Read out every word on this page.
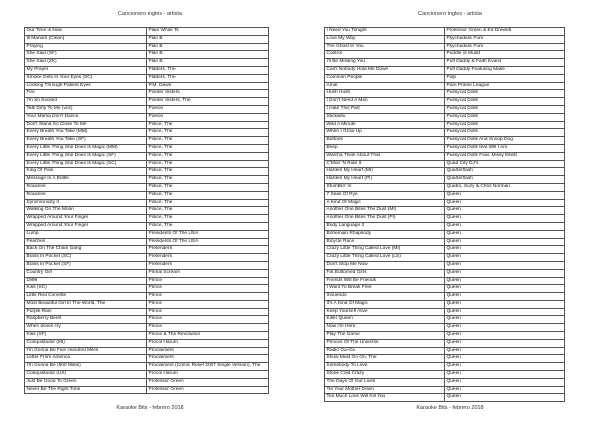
Cancionero ingles - artista
Our Time is Now	Plain White Ts
Ill Manors (Clean)	Plan B
Praying	Plan B
She Said (SF)	Plan B
She Said (ZK)	Plan B
My Prayer	Platters, The
Smoke Gets In Your Eyes (SC)	Platters, The
Looking Through Patient Eyes	P.M. Dawn
Fire	Pointer Sisters
I'm So Excited	Pointer Sisters, The
Talk Dirty To Me (voz)	Poison
Your Mama Don't Dance	Poison
Don't Stand So Close To Me	Police, The
Every Breath You Take (MM)	Police, The
Every Breath You Take (SF)	Police, The
Every Little Thing She Does Is Magic (MM)	Police, The
Every Little Thing She Does Is Magic (SF)	Police, The
Every Little Thing She Does Is Magic (SC)	Police, The
King Of Pain	Police, The
Message In A Bottle	Police, The
Roxanne	Police, The
Roxanne	Police, The
Synchronicity II	Police, The
Walking On The Moon	Police, The
Wrapped Around Your Finger	Police, The
Wrapped Around Your Finger	Police, The
Lump	Presidents Of The USA
Peaches	Presidents Of The USA
Back On The Chain Gang	Pretenders
Brass In Pocket (SC)	Pretenders
Brass In Pocket (SF)	Pretenders
Country Girl	Primal Scream
1999	Prince
Kiss (SC)	Prince
Little Red Corvette	Prince
Most Beautiful Girl In The World, The	Prince
Purple Rain	Prince
Raspberry Beret	Prince
When doves cry	Prince
Kiss (SF)	Prince & The Revolution
Conquistador (MI)	Procol Harum
I'm Gonna Be Five Hundred Miles	Proclaimers
Letter From America	Proclaimers
I'm Gonna Be (500 Miles)	Proclaimers (Comic Relief 2007 Single Version), The
Conquistador (US)	Procol Harum
Just Be Good To Green	Professor Green
Never Be The Right Time	Professor Green
Karaoke Bits - febrero 2018
Cancionero ingles - artista
I Need You Tonight	Professor Green & Ed Drewett
Love My Way	Psychedelic Furs
The Ghost In You	Psychedelic Furs
Control	Puddle of Mudd
I'll Be Missing You	Puff Daddy & Faith Evans
Can't Nobody Hold Me Down	Puff Daddy Featuring Mase
Common People	Pulp
Amie	Pure Prairie League
Hush Hush	Pussycat Dolls
I Don't Need A Man	Pussycat Dolls
I Hate This Part	Pussycat Dolls
Stickwitu	Pussycat Dolls
Wait A Minute	Pussycat Dolls
When I Grow Up	Pussycat Dolls
Buttons	Pussycat Dolls And Snoop Dog
Beep	Pussycat Dolls feat Will I Am
Watcha Think About That	Pussycat Dolls Feat. Missy Elliott
C'Mon 'N Ride It	Quad City DJ's
Harden My Heart (MI)	Quarterflash
Harden My Heart (PI)	Quarterflash
Stumblin' In	Quatro, Suzy & Chris Norman
7 Seas Of Rye	Queen
A Kind Of Magic	Queen
Another One Bites The Dust (MI)	Queen
Another One Bites The Dust (PI)	Queen
Body Language 3	Queen
Bohemian Rhapsody	Queen
Bicycle Race	Queen
Crazy Little Thing Called Love (MI)	Queen
Crazy Little Thing Called Love (LS)	Queen
Don't Stop Me Now	Queen
Fat Bottomed Girls	Queen
Friends Will Be Friends	Queen
I Want To Break Free	Queen
Innuendo	Queen
It's A Kind Of Magic	Queen
Keep Yourself Alive	Queen
Killer Queen	Queen
Now I'm Here	Queen
Play The Game	Queen
Princes Of The Universe	Queen
Radio Ga-Ga	Queen
Show Must Go On, The	Queen
Somebody To Love	Queen
Stone Cold Crazy	Queen
The Days Of Our Lives	Queen
Tie Your Mother Down	Queen
Too Much Love Will Kill You	Queen
Karaoke Bits - febrero 2018
